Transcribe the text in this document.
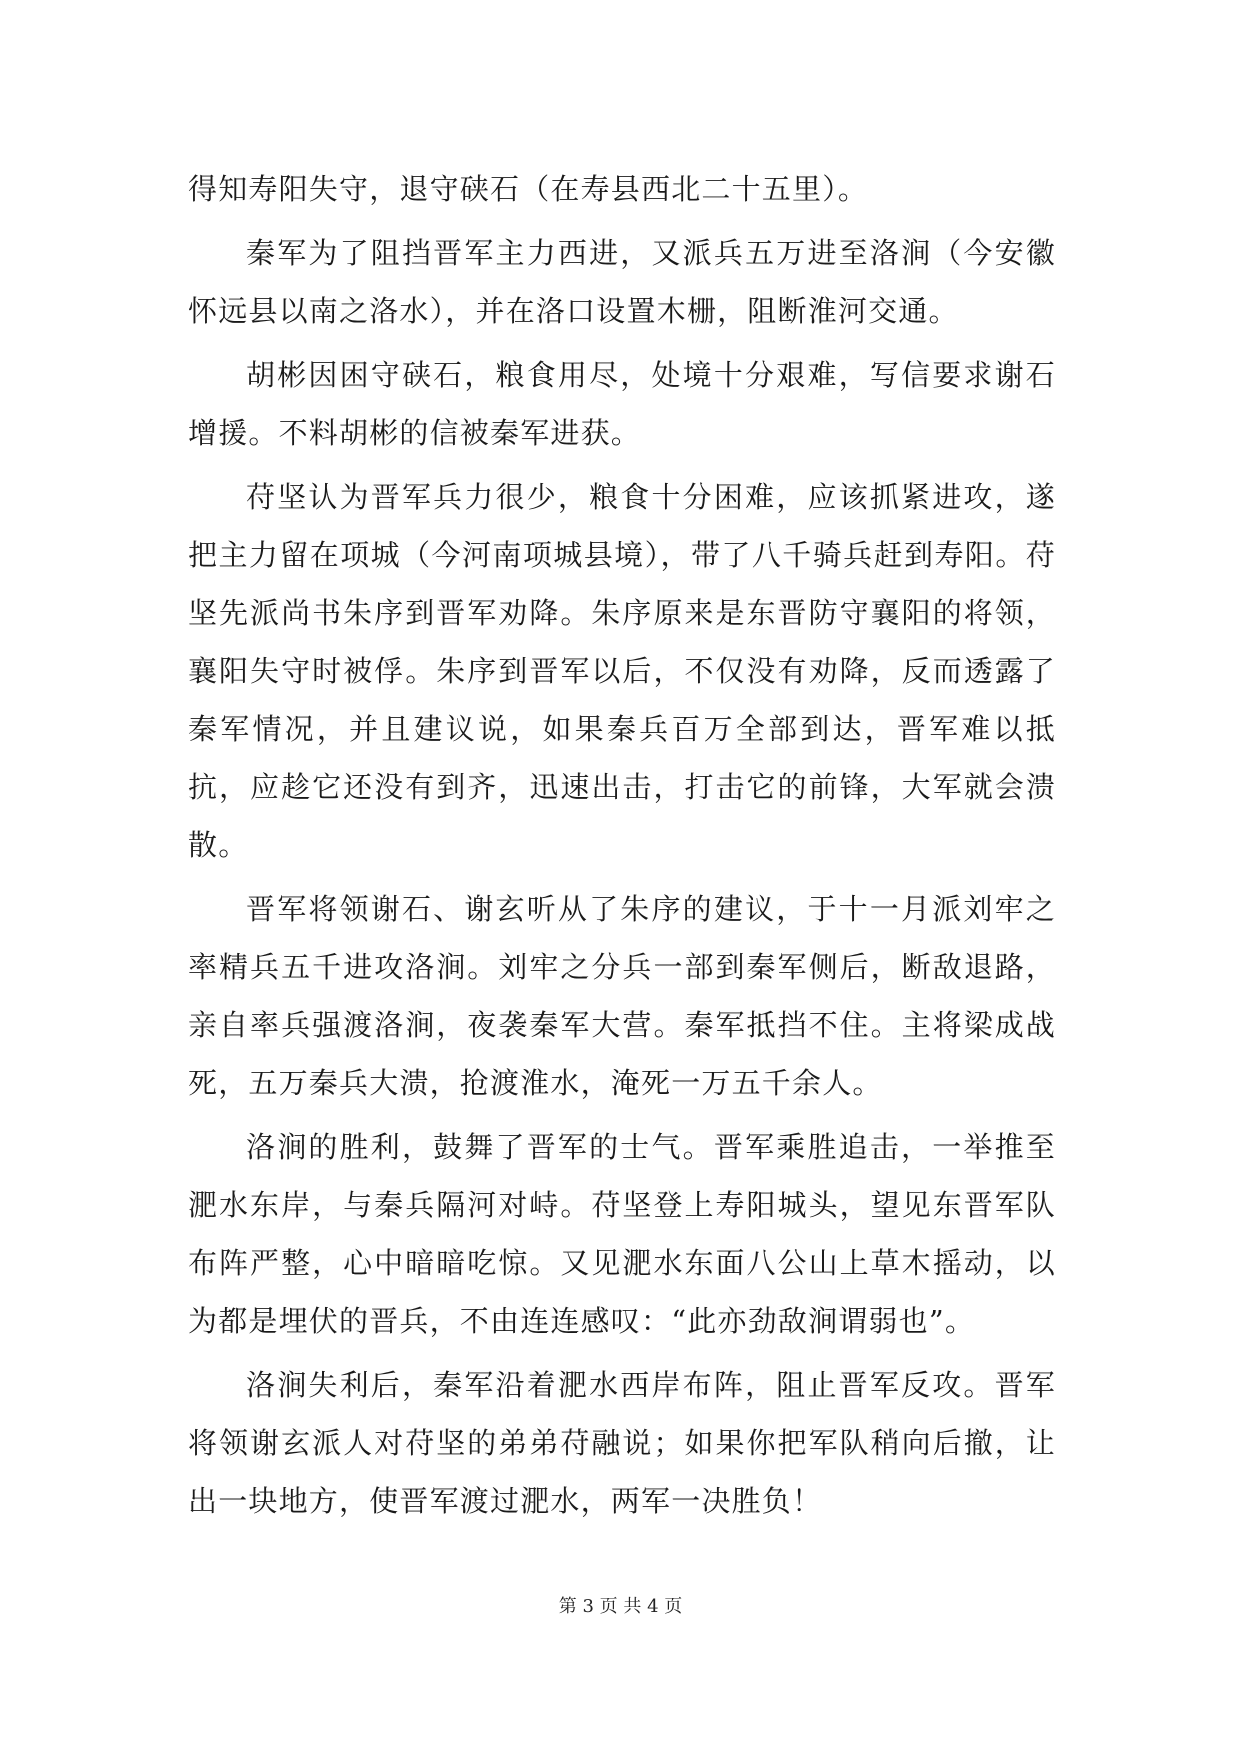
得知寿阳失守，退守硖石（在寿县西北二十五里）。

秦军为了阻挡晋军主力西进，又派兵五万进至洛涧（今安徽怀远县以南之洛水），并在洛口设置木栅，阻断淮河交通。

胡彬因困守硖石，粮食用尽，处境十分艰难，写信要求谢石增援。不料胡彬的信被秦军进获。

苻坚认为晋军兵力很少，粮食十分困难，应该抓紧进攻，遂把主力留在项城（今河南项城县境），带了八千骑兵赶到寿阳。苻坚先派尚书朱序到晋军劝降。朱序原来是东晋防守襄阳的将领，襄阳失守时被俘。朱序到晋军以后，不仅没有劝降，反而透露了秦军情况，并且建议说，如果秦兵百万全部到达，晋军难以抵抗，应趁它还没有到齐，迅速出击，打击它的前锋，大军就会溃散。

晋军将领谢石、谢玄听从了朱序的建议，于十一月派刘牢之率精兵五千进攻洛涧。刘牢之分兵一部到秦军侧后，断敌退路，亲自率兵强渡洛涧，夜袭秦军大营。秦军抵挡不住。主将梁成战死，五万秦兵大溃，抢渡淮水，淹死一万五千余人。

洛涧的胜利，鼓舞了晋军的士气。晋军乘胜追击，一举推至淝水东岸，与秦兵隔河对峙。苻坚登上寿阳城头，望见东晋军队布阵严整，心中暗暗吃惊。又见淝水东面八公山上草木摇动，以为都是埋伏的晋兵，不由连连感叹：“此亦劲敌涧谓弱也”。

洛涧失利后，秦军沿着淝水西岸布阵，阻止晋军反攻。晋军将领谢玄派人对苻坚的弟弟苻融说；如果你把军队稍向后撤，让出一块地方，使晋军渡过淝水，两军一决胜负！

第 3 页 共 4 页
